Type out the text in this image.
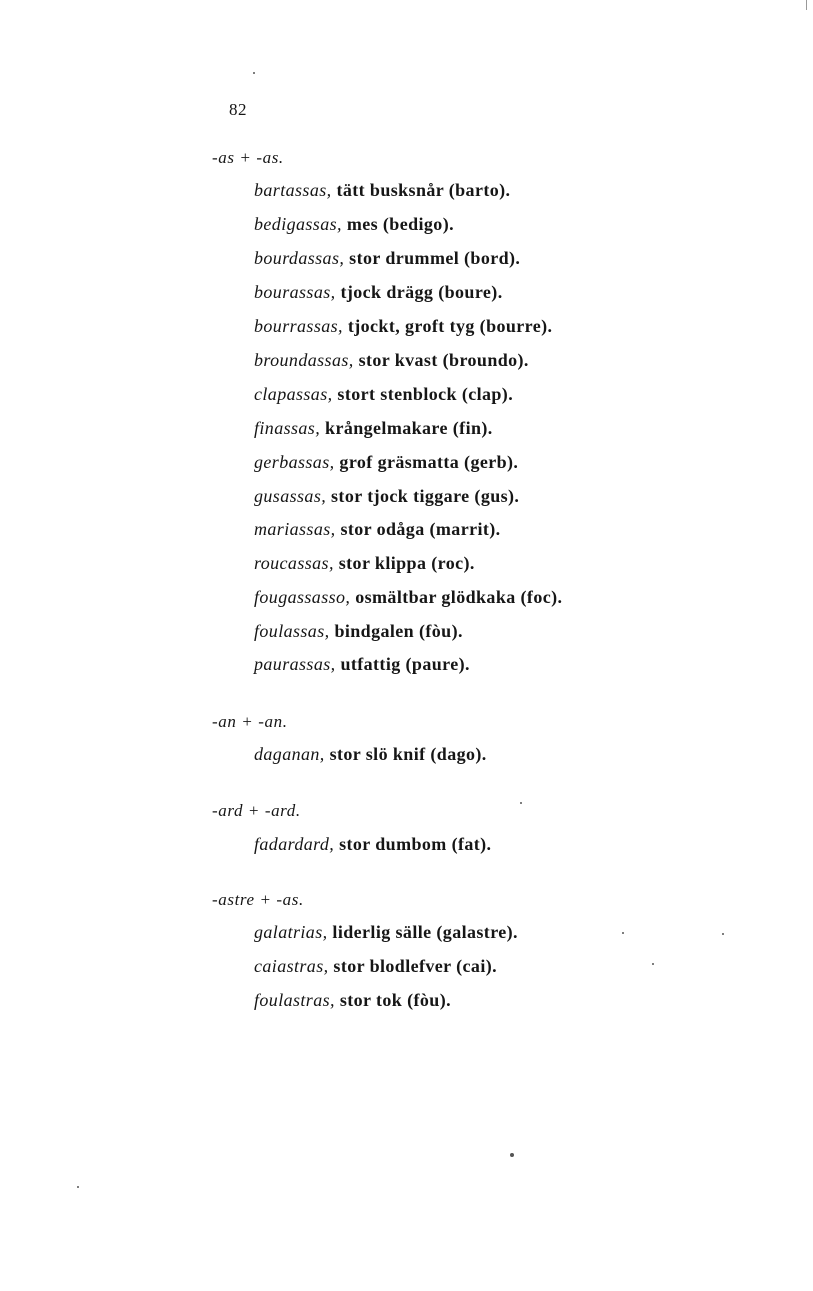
82
-as + -as.
bartassas, tätt busksnår (barto).
bedigassas, mes (bedigo).
bourdassas, stor drummel (bord).
bourassas, tjock drägg (boure).
bourrassas, tjockt, groft tyg (bourre).
broundassas, stor kvast (broundo).
clapassas, stort stenblock (clap).
finassas, krångelmakare (fin).
gerbassas, grof gräsmatta (gerb).
gusassas, stor tjock tiggare (gus).
mariassas, stor odåga (marrit).
roucassas, stor klippa (roc).
fougassasso, osmältbar glödkaka (foc).
foulassas, bindgalen (fòu).
paurassas, utfattig (paure).
-an + -an.
daganan, stor slö knif (dago).
-ard + -ard.
fadardard, stor dumbom (fat).
-astre + -as.
galatrias, liderlig sälle (galastre).
caiastras, stor blodlefver (cai).
foulastras, stor tok (fòu).
